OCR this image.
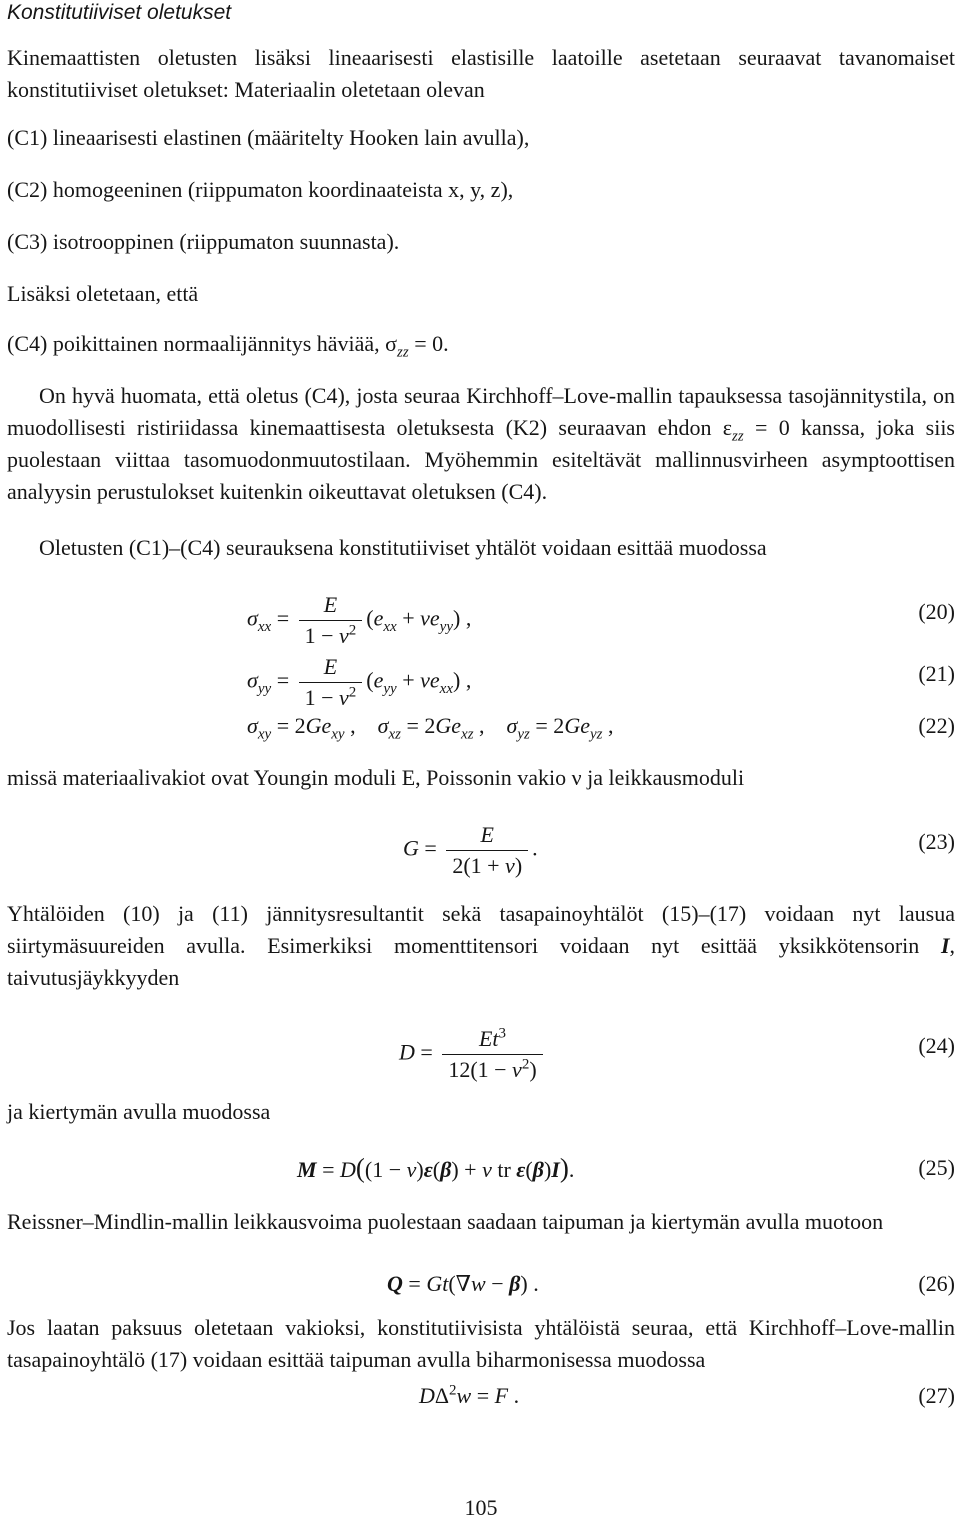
Konstitutiiviset oletukset

Kinemaattisten oletusten lisäksi lineaarisesti elastisille laatoille asetetaan seuraavat tavanomaiset konstitutiiviset oletukset: Materiaalin oletetaan olevan

(C1) lineaarisesti elastinen (määritelty Hooken lain avulla),
(C2) homogeeninen (riippumaton koordinaateista x, y, z),
(C3) isotrooppinen (riippumaton suunnasta).
Lisäksi oletetaan, että
(C4) poikittainen normaalijännitys häviää, $\sigma_{zz} = 0$.

On hyvä huomata, että oletus (C4), josta seuraa Kirchhoff–Love-mallin tapauksessa tasojännitystila, on muodollisesti ristiriidassa kinemaattisesta oletuksesta (K2) seuraavan ehdon $\varepsilon_{zz} = 0$ kanssa, joka siis puolestaan viittaa tasomuodonmuutostilaan. Myöhemmin esiteltävät mallinnusvirheen asymptoottisen analyysin perustulokset kuitenkin oikeuttavat oletuksen (C4).

Oletusten (C1)–(C4) seurauksena konstitutiiviset yhtälöt voidaan esittää muodossa

$\sigma_{xx} = \frac{E}{1 - \nu^2} (e_{xx} + \nu e_{yy})$ ,	(20)
$\sigma_{yy} = \frac{E}{1 - \nu^2} (e_{yy} + \nu e_{xx})$ ,	(21)
$\sigma_{xy} = 2Ge_{xy}$ ,    $\sigma_{xz} = 2Ge_{xz}$ ,    $\sigma_{yz} = 2Ge_{yz}$ ,	(22)
missä materiaalivakiot ovat Youngin moduli E, Poissonin vakio ν ja leikkausmoduli
$G = \frac{E}{2(1 + \nu)}$ .	(23)

Yhtälöiden (10) ja (11) jännitysresultantit sekä tasapainoyhtälöt (15)–(17) voidaan nyt lausua siirtymäsuureiden avulla. Esimerkiksi momenttitensori voidaan nyt esittää yksikkötensorin I, taivutusjäykkyyden

$D = \frac{Et^3}{12(1 - \nu^2)}$	(24)
ja kiertymän avulla muodossa
M = D((1 − ν)ε(β) + ν tr ε(β)I).	(25)

Reissner–Mindlin-mallin leikkausvoima puolestaan saadaan taipuman ja kiertymän avulla muotoon

Q = Gt(∇w − β) .	(26)

Jos laatan paksuus oletetaan vakioksi, konstitutiivisista yhtälöistä seuraa, että Kirchhoff–Love-mallin tasapainoyhtälö (17) voidaan esittää taipuman avulla biharmonisessa muodossa

$D\Delta^2w = F$ .	(27)
105
